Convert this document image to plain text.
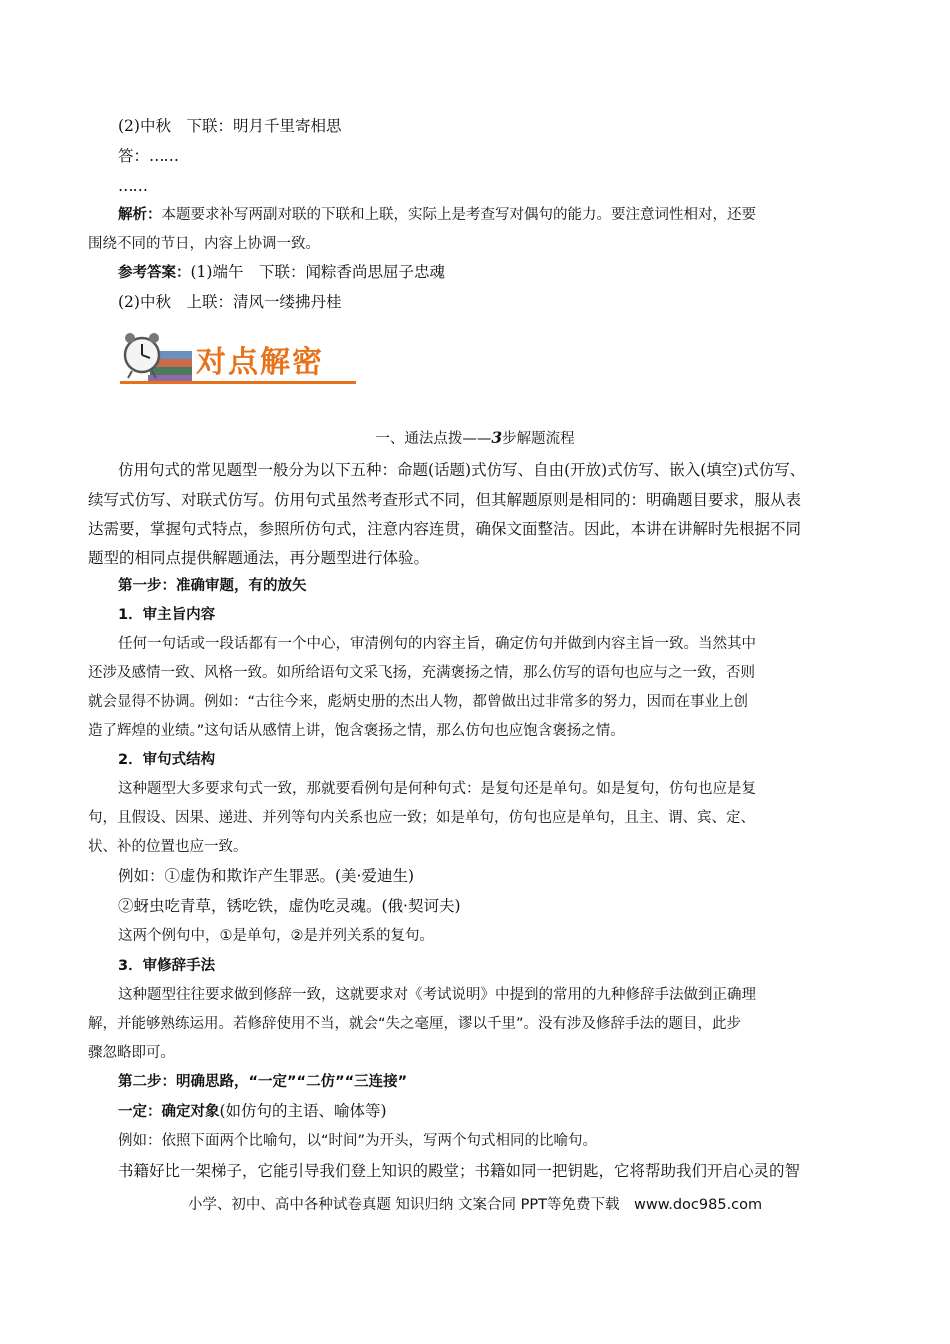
(2)中秋　下联：明月千里寄相思
答：……
……
解析：本题要求补写两副对联的下联和上联，实际上是考查写对偶句的能力。要注意词性相对，还要
围绕不同的节日，内容上协调一致。
参考答案：(1)端午　下联：闻粽香尚思屈子忠魂
(2)中秋　上联：清风一缕拂丹桂
对点解密
一、通法点拨——3步解题流程
仿用句式的常见题型一般分为以下五种：命题(话题)式仿写、自由(开放)式仿写、嵌入(填空)式仿写、
续写式仿写、对联式仿写。仿用句式虽然考查形式不同，但其解题原则是相同的：明确题目要求，服从表
达需要，掌握句式特点，参照所仿句式，注意内容连贯，确保文面整洁。因此，本讲在讲解时先根据不同
题型的相同点提供解题通法，再分题型进行体验。
第一步：准确审题，有的放矢
1．审主旨内容
任何一句话或一段话都有一个中心，审清例句的内容主旨，确定仿句并做到内容主旨一致。当然其中
还涉及感情一致、风格一致。如所给语句文采飞扬，充满褒扬之情，那么仿写的语句也应与之一致，否则
就会显得不协调。例如：“古往今来，彪炳史册的杰出人物，都曾做出过非常多的努力，因而在事业上创
造了辉煌的业绩。”这句话从感情上讲，饱含褒扬之情，那么仿句也应饱含褒扬之情。
2．审句式结构
这种题型大多要求句式一致，那就要看例句是何种句式：是复句还是单句。如是复句，仿句也应是复
句，且假设、因果、递进、并列等句内关系也应一致；如是单句，仿句也应是单句，且主、谓、宾、定、
状、补的位置也应一致。
例如：①虚伪和欺诈产生罪恶。(美·爱迪生)
②蚜虫吃青草，锈吃铁，虚伪吃灵魂。(俄·契诃夫)
这两个例句中，①是单句，②是并列关系的复句。
3．审修辞手法
这种题型往往要求做到修辞一致，这就要求对《考试说明》中提到的常用的九种修辞手法做到正确理
解，并能够熟练运用。若修辞使用不当，就会“失之毫厘，谬以千里”。没有涉及修辞手法的题目，此步
骤忽略即可。
第二步：明确思路，“一定”“二仿”“三连接”
一定：确定对象(如仿句的主语、喻体等)
例如：依照下面两个比喻句，以“时间”为开头，写两个句式相同的比喻句。
书籍好比一架梯子，它能引导我们登上知识的殿堂；书籍如同一把钥匙，它将帮助我们开启心灵的智
小学、初中、高中各种试卷真题 知识归纳 文案合同 PPT等免费下载　www.doc985.com
